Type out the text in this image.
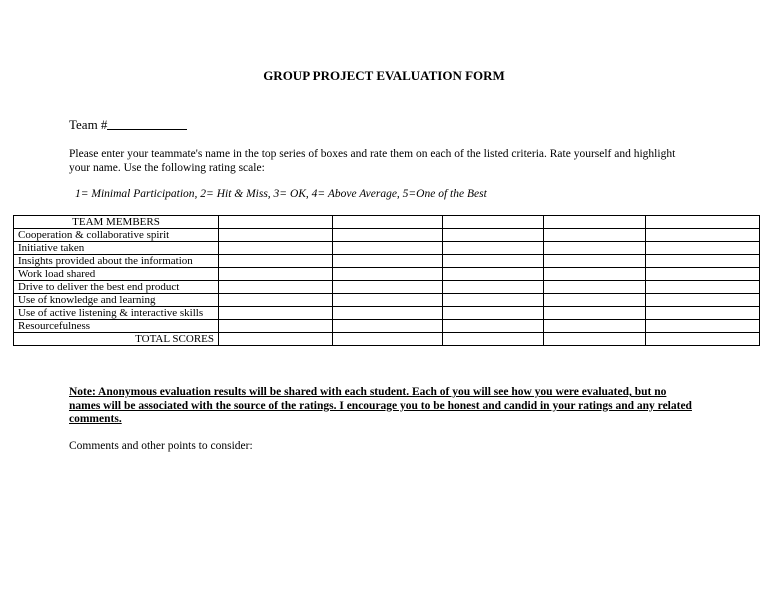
GROUP PROJECT EVALUATION FORM
Team #
Please enter your teammate's name in the top series of boxes and rate them on each of the listed criteria. Rate yourself and highlight your name. Use the following rating scale:
1= Minimal Participation, 2= Hit & Miss, 3= OK, 4= Above Average, 5=One of the Best
TEAM MEMBERS					
Cooperation & collaborative spirit					
Initiative taken					
Insights provided about the information					
Work load shared					
Drive to deliver the best end product					
Use of knowledge and learning					
Use of active listening & interactive skills					
Resourcefulness					
TOTAL SCORES					
Note: Anonymous evaluation results will be shared with each student. Each of you will see how you were evaluated, but no names will be associated with the source of the ratings. I encourage you to be honest and candid in your ratings and any related comments.
Comments and other points to consider:
